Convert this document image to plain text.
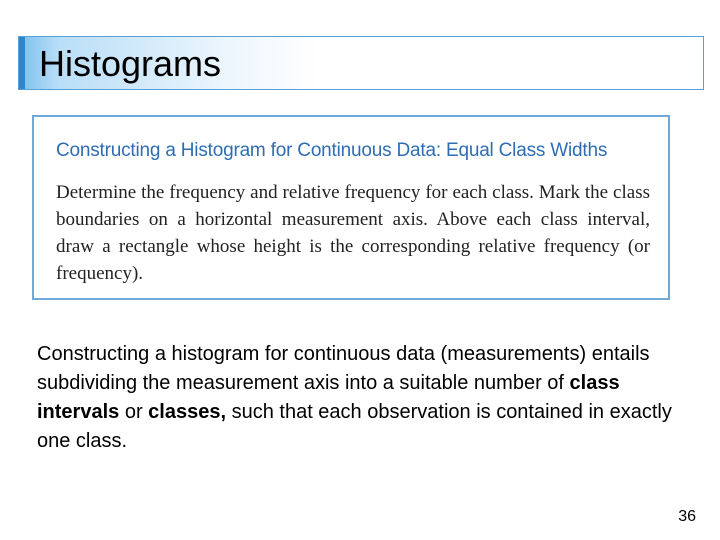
Histograms
Constructing a Histogram for Continuous Data: Equal Class Widths
Determine the frequency and relative frequency for each class. Mark the class boundaries on a horizontal measurement axis. Above each class interval, draw a rectangle whose height is the corresponding relative frequency (or frequency).
Constructing a histogram for continuous data (measurements) entails subdividing the measurement axis into a suitable number of class intervals or classes, such that each observation is contained in exactly one class.
36
